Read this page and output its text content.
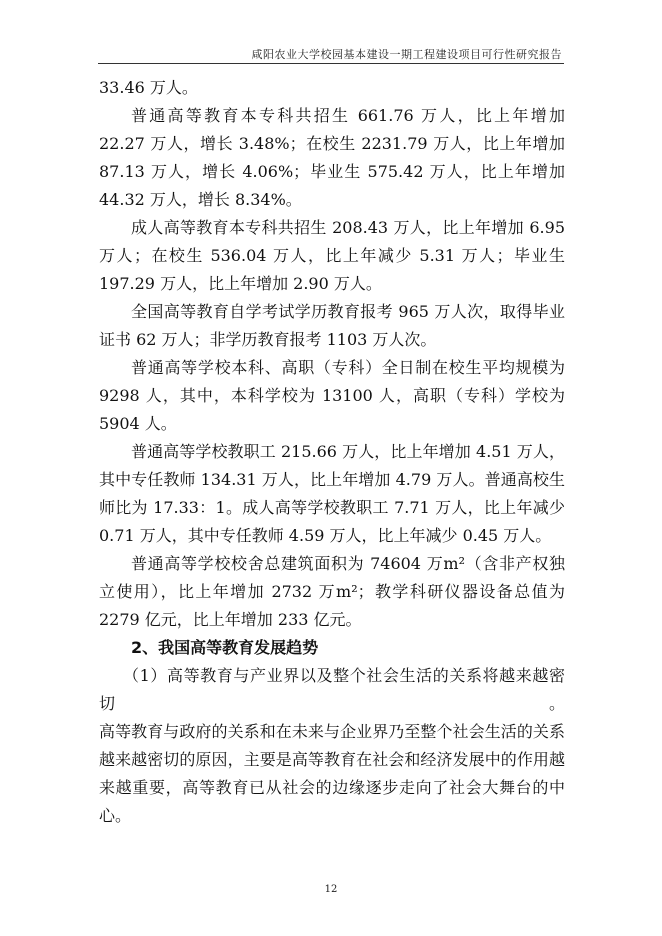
咸阳农业大学校园基本建设一期工程建设项目可行性研究报告

33.46 万人。

普通高等教育本专科共招生 661.76 万人，比上年增加 22.27 万人，增长 3.48%；在校生 2231.79 万人，比上年增加 87.13 万人，增长 4.06%；毕业生 575.42 万人，比上年增加 44.32 万人，增长 8.34%。

成人高等教育本专科共招生 208.43 万人，比上年增加 6.95 万人；在校生 536.04 万人，比上年减少 5.31 万人；毕业生 197.29 万人，比上年增加 2.90 万人。

全国高等教育自学考试学历教育报考 965 万人次，取得毕业证书 62 万人；非学历教育报考 1103 万人次。

普通高等学校本科、高职（专科）全日制在校生平均规模为 9298 人，其中，本科学校为 13100 人，高职（专科）学校为 5904 人。

普通高等学校教职工 215.66 万人，比上年增加 4.51 万人，其中专任教师 134.31 万人，比上年增加 4.79 万人。普通高校生师比为 17.33：1。成人高等学校教职工 7.71 万人，比上年减少 0.71 万人，其中专任教师 4.59 万人，比上年减少 0.45 万人。

普通高等学校校舍总建筑面积为 74604 万m²（含非产权独立使用），比上年增加 2732 万m²；教学科研仪器设备总值为 2279 亿元，比上年增加 233 亿元。

2、我国高等教育发展趋势

（1）高等教育与产业界以及整个社会生活的关系将越来越密切。

高等教育与政府的关系和在未来与企业界乃至整个社会生活的关系越来越密切的原因，主要是高等教育在社会和经济发展中的作用越来越重要，高等教育已从社会的边缘逐步走向了社会大舞台的中心。

12
